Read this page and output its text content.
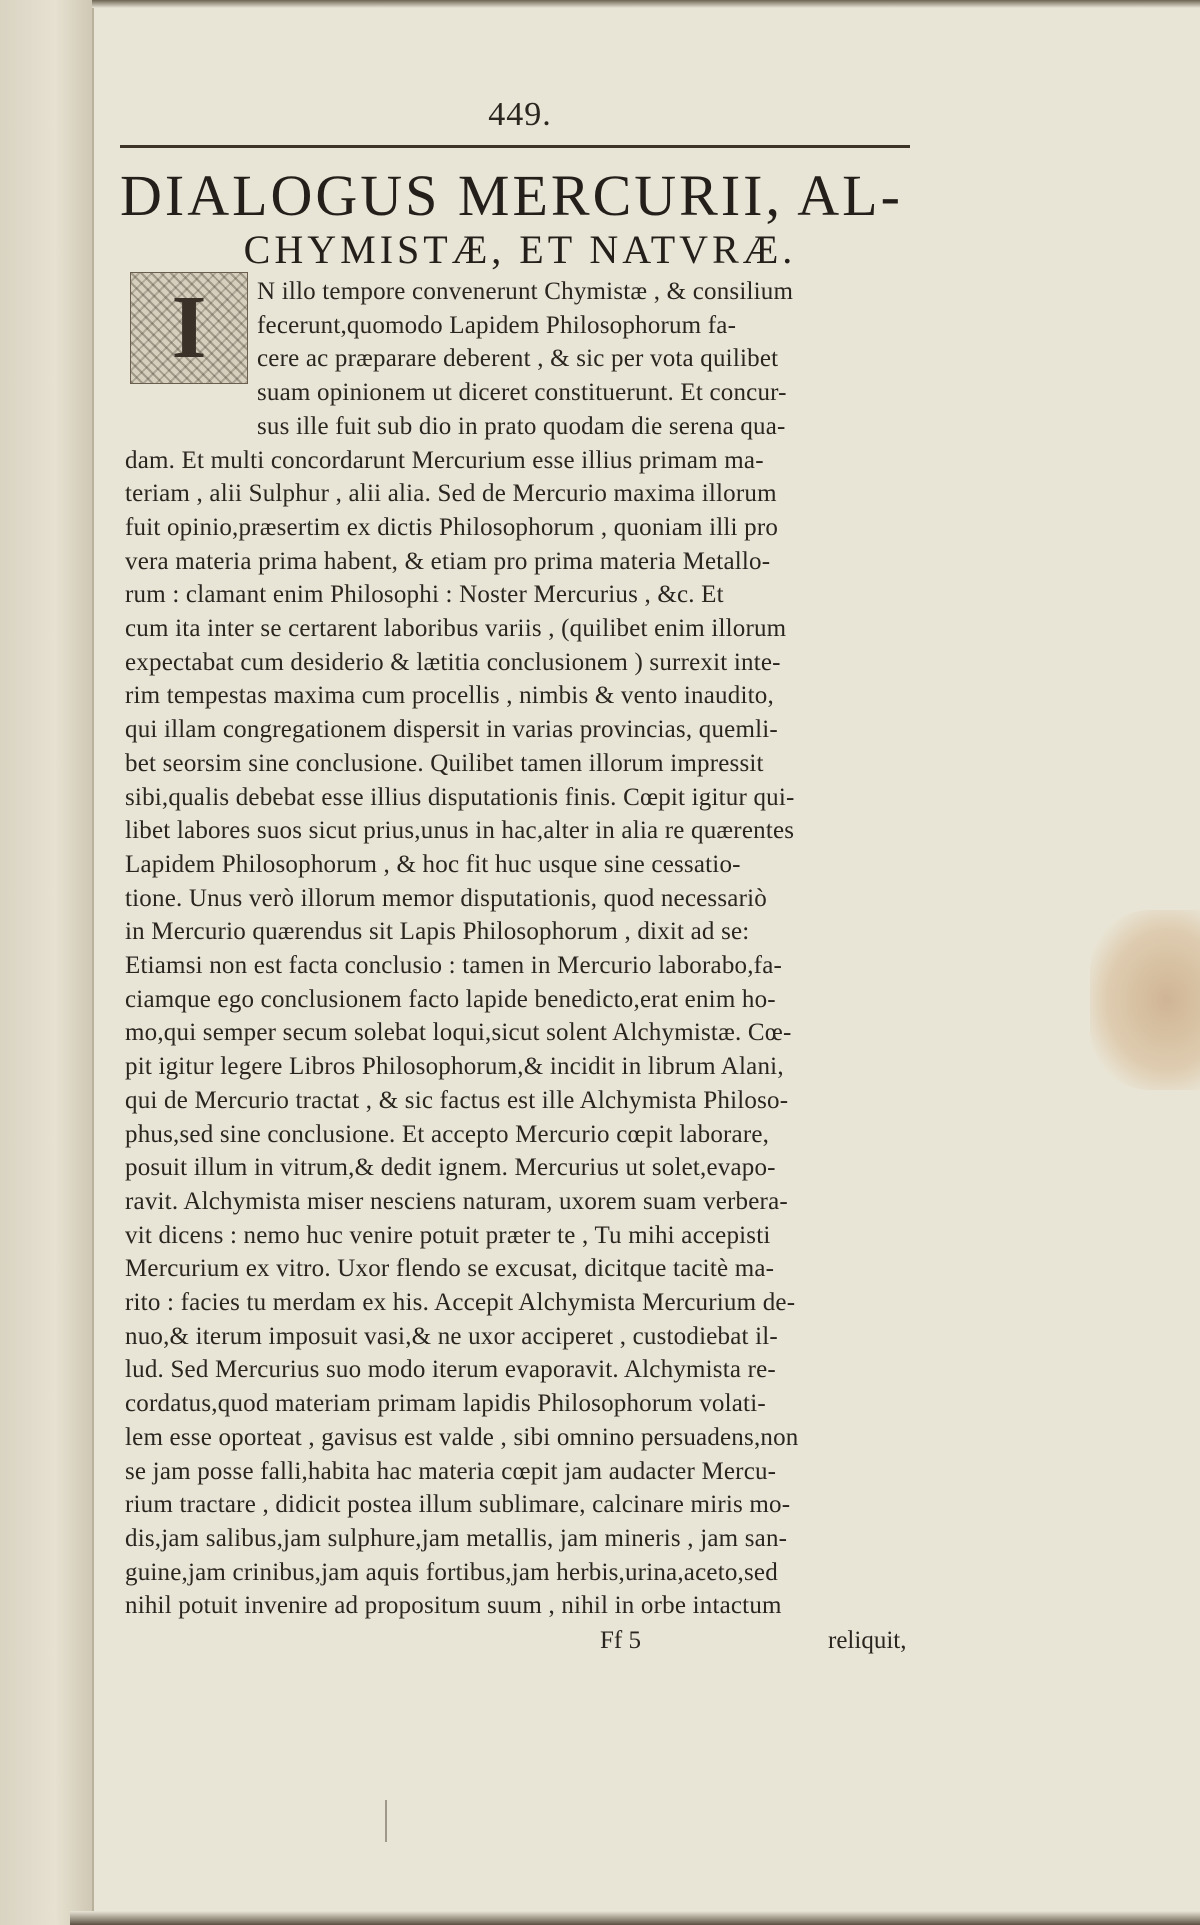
449.
DIALOGUS MERCURII, AL-
CHYMISTÆ, ET NATVRÆ.
I	N illo tempore convenerunt Chymistæ , & consilium
fecerunt,quomodo Lapidem Philosophorum fa-
cere ac præparare deberent , & sic per vota quilibet
suam opinionem ut diceret constituerunt. Et concur-
sus ille fuit sub dio in prato quodam die serena qua-
dam. Et multi concordarunt Mercurium esse illius primam ma-
teriam , alii Sulphur , alii alia. Sed de Mercurio maxima illorum
fuit opinio,præsertim ex dictis Philosophorum , quoniam illi pro
vera materia prima habent, & etiam pro prima materia Metallo-
rum : clamant enim Philosophi : Noster Mercurius , &c. Et
cum ita inter se certarent laboribus variis , (quilibet enim illorum
expectabat cum desiderio & lætitia conclusionem ) surrexit inte-
rim tempestas maxima cum procellis , nimbis & vento inaudito,
qui illam congregationem dispersit in varias provincias, quemli-
bet seorsim sine conclusione. Quilibet tamen illorum impressit
sibi,qualis debebat esse illius disputationis finis. Cœpit igitur qui-
libet labores suos sicut prius,unus in hac,alter in alia re quærentes
Lapidem Philosophorum , & hoc fit huc usque sine cessatio-
tione. Unus verò illorum memor disputationis, quod necessariò
in Mercurio quærendus sit Lapis Philosophorum , dixit ad se:
Etiamsi non est facta conclusio : tamen in Mercurio laborabo,fa-
ciamque ego conclusionem facto lapide benedicto,erat enim ho-
mo,qui semper secum solebat loqui,sicut solent Alchymistæ. Cœ-
pit igitur legere Libros Philosophorum,& incidit in librum Alani,
qui de Mercurio tractat , & sic factus est ille Alchymista Philoso-
phus,sed sine conclusione. Et accepto Mercurio cœpit laborare,
posuit illum in vitrum,& dedit ignem. Mercurius ut solet,evapo-
ravit. Alchymista miser nesciens naturam, uxorem suam verbera-
vit dicens : nemo huc venire potuit præter te , Tu mihi accepisti
Mercurium ex vitro. Uxor flendo se excusat, dicitque tacitè ma-
rito : facies tu merdam ex his. Accepit Alchymista Mercurium de-
nuo,& iterum imposuit vasi,& ne uxor acciperet , custodiebat il-
lud. Sed Mercurius suo modo iterum evaporavit. Alchymista re-
cordatus,quod materiam primam lapidis Philosophorum volati-
lem esse oporteat , gavisus est valde , sibi omnino persuadens,non
se jam posse falli,habita hac materia cœpit jam audacter Mercu-
rium tractare , didicit postea illum sublimare, calcinare miris mo-
dis,jam salibus,jam sulphure,jam metallis, jam mineris , jam san-
guine,jam crinibus,jam aquis fortibus,jam herbis,urina,aceto,sed
nihil potuit invenire ad propositum suum , nihil in orbe intactum
Ff 5	reliquit,
